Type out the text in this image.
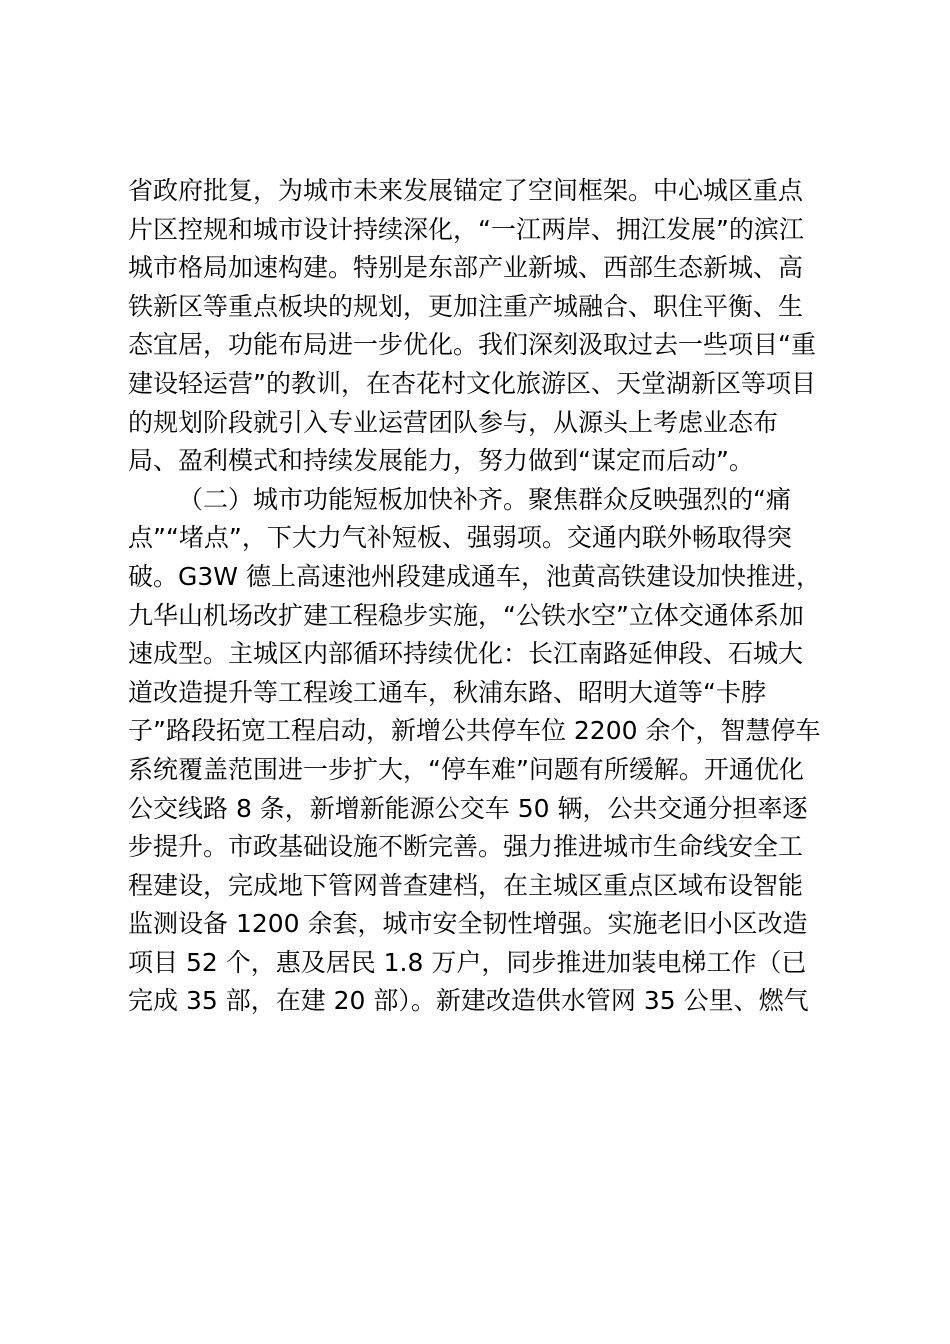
省政府批复，为城市未来发展锚定了空间框架。中心城区重点
片区控规和城市设计持续深化，“一江两岸、拥江发展”的滨江
城市格局加速构建。特别是东部产业新城、西部生态新城、高
铁新区等重点板块的规划，更加注重产城融合、职住平衡、生
态宜居，功能布局进一步优化。我们深刻汲取过去一些项目“重
建设轻运营”的教训，在杏花村文化旅游区、天堂湖新区等项目
的规划阶段就引入专业运营团队参与，从源头上考虑业态布
局、盈利模式和持续发展能力，努力做到“谋定而后动”。
（二）城市功能短板加快补齐。聚焦群众反映强烈的“痛
点”“堵点”，下大力气补短板、强弱项。交通内联外畅取得突
破。G3W 德上高速池州段建成通车，池黄高铁建设加快推进，
九华山机场改扩建工程稳步实施，“公铁水空”立体交通体系加
速成型。主城区内部循环持续优化：长江南路延伸段、石城大
道改造提升等工程竣工通车，秋浦东路、昭明大道等“卡脖
子”路段拓宽工程启动，新增公共停车位 2200 余个，智慧停车
系统覆盖范围进一步扩大，“停车难”问题有所缓解。开通优化
公交线路 8 条，新增新能源公交车 50 辆，公共交通分担率逐
步提升。市政基础设施不断完善。强力推进城市生命线安全工
程建设，完成地下管网普查建档，在主城区重点区域布设智能
监测设备 1200 余套，城市安全韧性增强。实施老旧小区改造
项目 52 个，惠及居民 1.8 万户，同步推进加装电梯工作（已
完成 35 部，在建 20 部）。新建改造供水管网 35 公里、燃气
